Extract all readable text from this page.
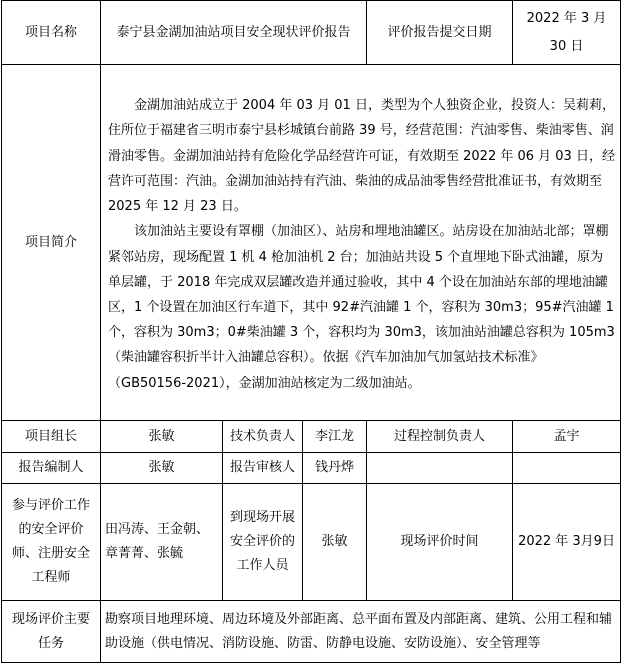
项目名称	泰宁县金湖加油站项目安全现状评价报告			评价报告提交日期	2022 年 3 月 30 日
项目简介	金湖加油站成立于 2004 年 03 月 01 日，类型为个人独资企业，投资人：吴莉莉，住所位于福建省三明市泰宁县杉城镇台前路 39 号，经营范围：汽油零售、柴油零售、润滑油零售。金湖加油站持有危险化学品经营许可证，有效期至 2022 年 06 月 03 日，经营许可范围：汽油。金湖加油站持有汽油、柴油的成品油零售经营批准证书，有效期至 2025 年 12 月 23 日。

该加油站主要设有罩棚（加油区）、站房和埋地油罐区。站房设在加油站北部；罩棚紧邻站房，现场配置 1 机 4 枪加油机 2 台；加油站共设 5 个直埋地下卧式油罐，原为单层罐，于 2018 年完成双层罐改造并通过验收，其中 4 个设在加油站东部的埋地油罐区，1 个设置在加油区行车道下，其中 92#汽油罐 1 个，容积为 30m3；95#汽油罐 1 个，容积为 30m3；0#柴油罐 3 个，容积均为 30m3，该加油站油罐总容积为 105m3（柴油罐容积折半计入油罐总容积）。依据《汽车加油加气加氢站技术标准》（GB50156-2021），金湖加油站核定为二级加油站。				

项目组长	张敏	技术负责人	李江龙	过程控制负责人	孟宇
报告编制人	张敏	报告审核人	钱丹烨		
参与评价工作的安全评价师、注册安全工程师	田冯涛、王金朝、章菁菁、张毓	到现场开展安全评价的工作人员	张敏	现场评价时间	2022 年 3月9日
现场评价主要任务	勘察项目地理环境、周边环境及外部距离、总平面布置及内部距离、建筑、公用工程和辅助设施（供电情况、消防设施、防雷、防静电设施、安防设施）、安全管理等				
